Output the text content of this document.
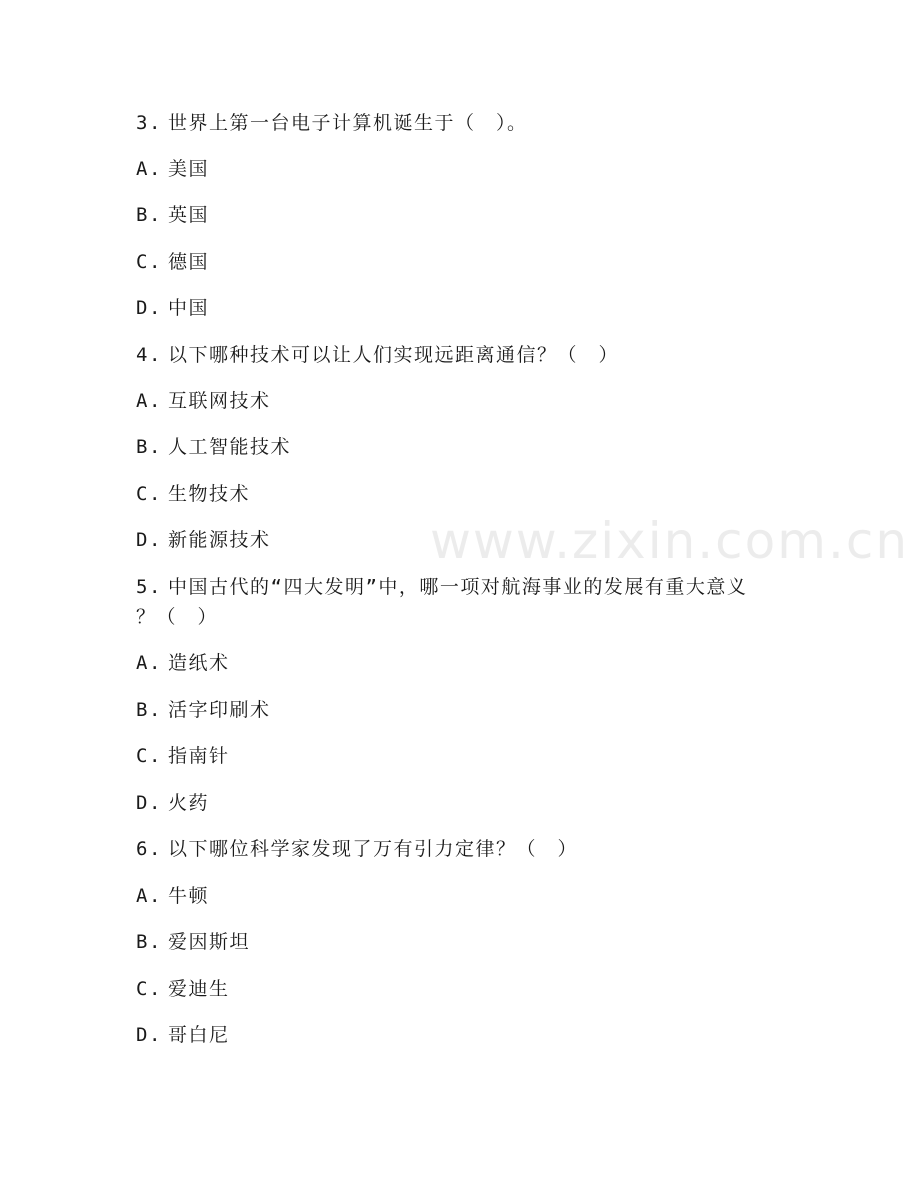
www.zixin.com.cn
3. 世界上第一台电子计算机诞生于（　）。
A. 美国
B. 英国
C. 德国
D. 中国
4. 以下哪种技术可以让人们实现远距离通信？（　）
A. 互联网技术
B. 人工智能技术
C. 生物技术
D. 新能源技术
5. 中国古代的“四大发明”中，哪一项对航海事业的发展有重大意义
？（　）
A. 造纸术
B. 活字印刷术
C. 指南针
D. 火药
6. 以下哪位科学家发现了万有引力定律？（　）
A. 牛顿
B. 爱因斯坦
C. 爱迪生
D. 哥白尼
